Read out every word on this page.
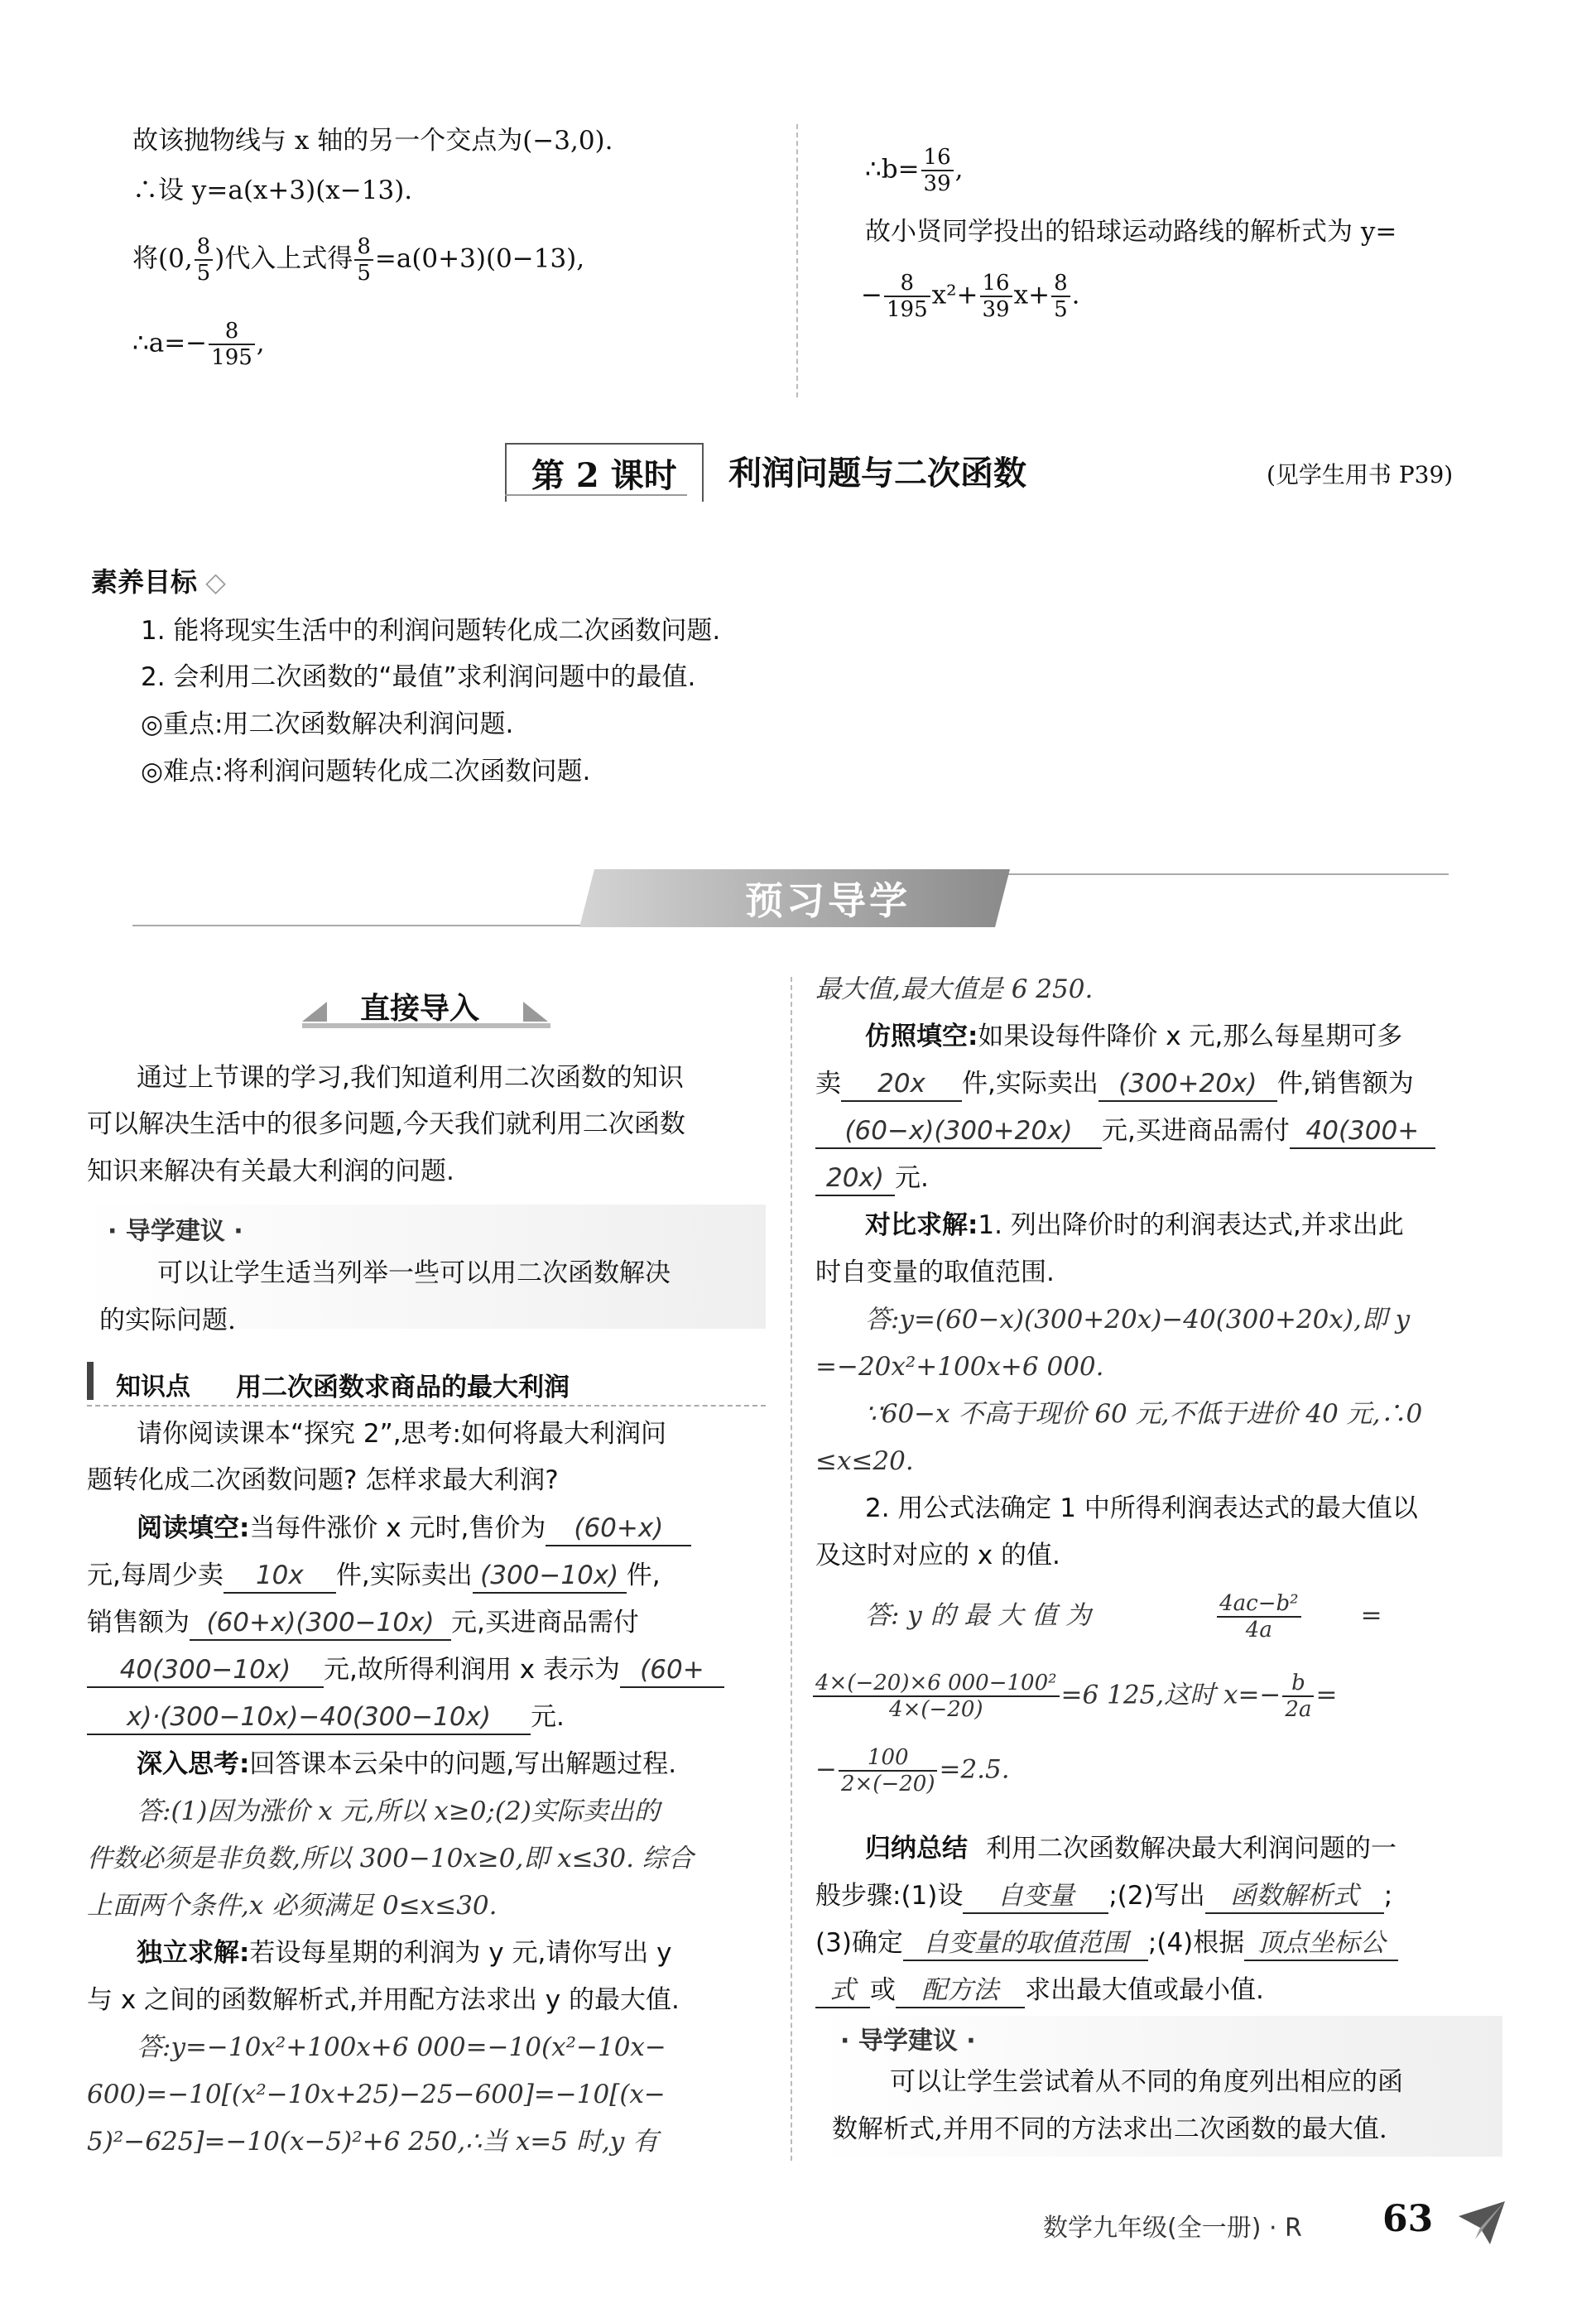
故该抛物线与 x 轴的另一个交点为(−3,0).
∴设 y=a(x+3)(x−13).
将(0, $\frac{8}{5}$ )代入上式得 $\frac{8}{5} =a(0+3)(0-13)$,
∴a=− $\frac{8}{195}$ ,
∴b= $\frac{16}{39}$ ,
故小贤同学投出的铅球运动路线的解析式为 y=
− $\frac{8}{195} x^2+ \frac{16}{39} x+ \frac{8}{5}$ .
第 2 课时	利润问题与二次函数	(见学生用书 P39)
素养目标 ◇
1. 能将现实生活中的利润问题转化成二次函数问题.
2. 会利用二次函数的“最值”求利润问题中的最值.
◎重点:用二次函数解决利润问题.
◎难点:将利润问题转化成二次函数问题.
预习导学
直接导入
通过上节课的学习,我们知道利用二次函数的知识
可以解决生活中的很多问题,今天我们就利用二次函数
知识来解决有关最大利润的问题.
· 导学建议 ·
可以让学生适当列举一些可以用二次函数解决
的实际问题.
知识点 用二次函数求商品的最大利润
请你阅读课本“探究 2”,思考:如何将最大利润问
题转化成二次函数问题? 怎样求最大利润?
阅读填空:当每件涨价 x 元时,售价为 (60+x)
元,每周少卖 10x 件,实际卖出 (300−10x) 件,
销售额为 (60+x)(300−10x) 元,买进商品需付
40(300−10x) 元,故所得利润用 x 表示为 (60+
x)·(300−10x)−40(300−10x) 元.
深入思考:回答课本云朵中的问题,写出解题过程.
答:(1)因为涨价 x 元,所以 x≥0;(2)实际卖出的
件数必须是非负数,所以 300−10x≥0,即 x≤30. 综合
上面两个条件,x 必须满足 0≤x≤30.
独立求解:若设每星期的利润为 y 元,请你写出 y
与 x 之间的函数解析式,并用配方法求出 y 的最大值.
答:y=−10x²+100x+6 000=−10(x²−10x−
600)=−10[(x²−10x+25)−25−600]=−10[(x−
5)²−625]=−10(x−5)²+6 250,∴当 x=5 时,y 有
最大值,最大值是 6 250.
仿照填空:如果设每件降价 x 元,那么每星期可多
卖 20x 件,实际卖出 (300+20x) 件,销售额为
(60−x)(300+20x) 元,买进商品需付 40(300+
20x) 元.
对比求解:1. 列出降价时的利润表达式,并求出此
时自变量的取值范围.
答:y=(60−x)(300+20x)−40(300+20x),即 y
=−20x²+100x+6 000.
∵60−x 不高于现价 60 元,不低于进价 40 元,∴0
≤x≤20.
2. 用公式法确定 1 中所得利润表达式的最大值以
及这时对应的 x 的值.
答: y 的 最 大 值 为	$\frac{\text{4ac−b²}}{4a}$ =
$\frac{\text{4×(−20)×6 000−100²}}{4\times(-20)} =6$ 125,这时 $x=- \frac{b}{2a}$ =
− $\frac{100}{2\times(-20)} =2.5$.
归纳总结 利用二次函数解决最大利润问题的一
般步骤:(1)设 自变量 ;(2)写出 函数解析式 ;
(3)确定 自变量的取值范围 ;(4)根据 顶点坐标公
式 或 配方法 求出最大值或最小值.
· 导学建议 ·
可以让学生尝试着从不同的角度列出相应的函
数解析式,并用不同的方法求出二次函数的最大值.
数学九年级(全一册) · R 63
